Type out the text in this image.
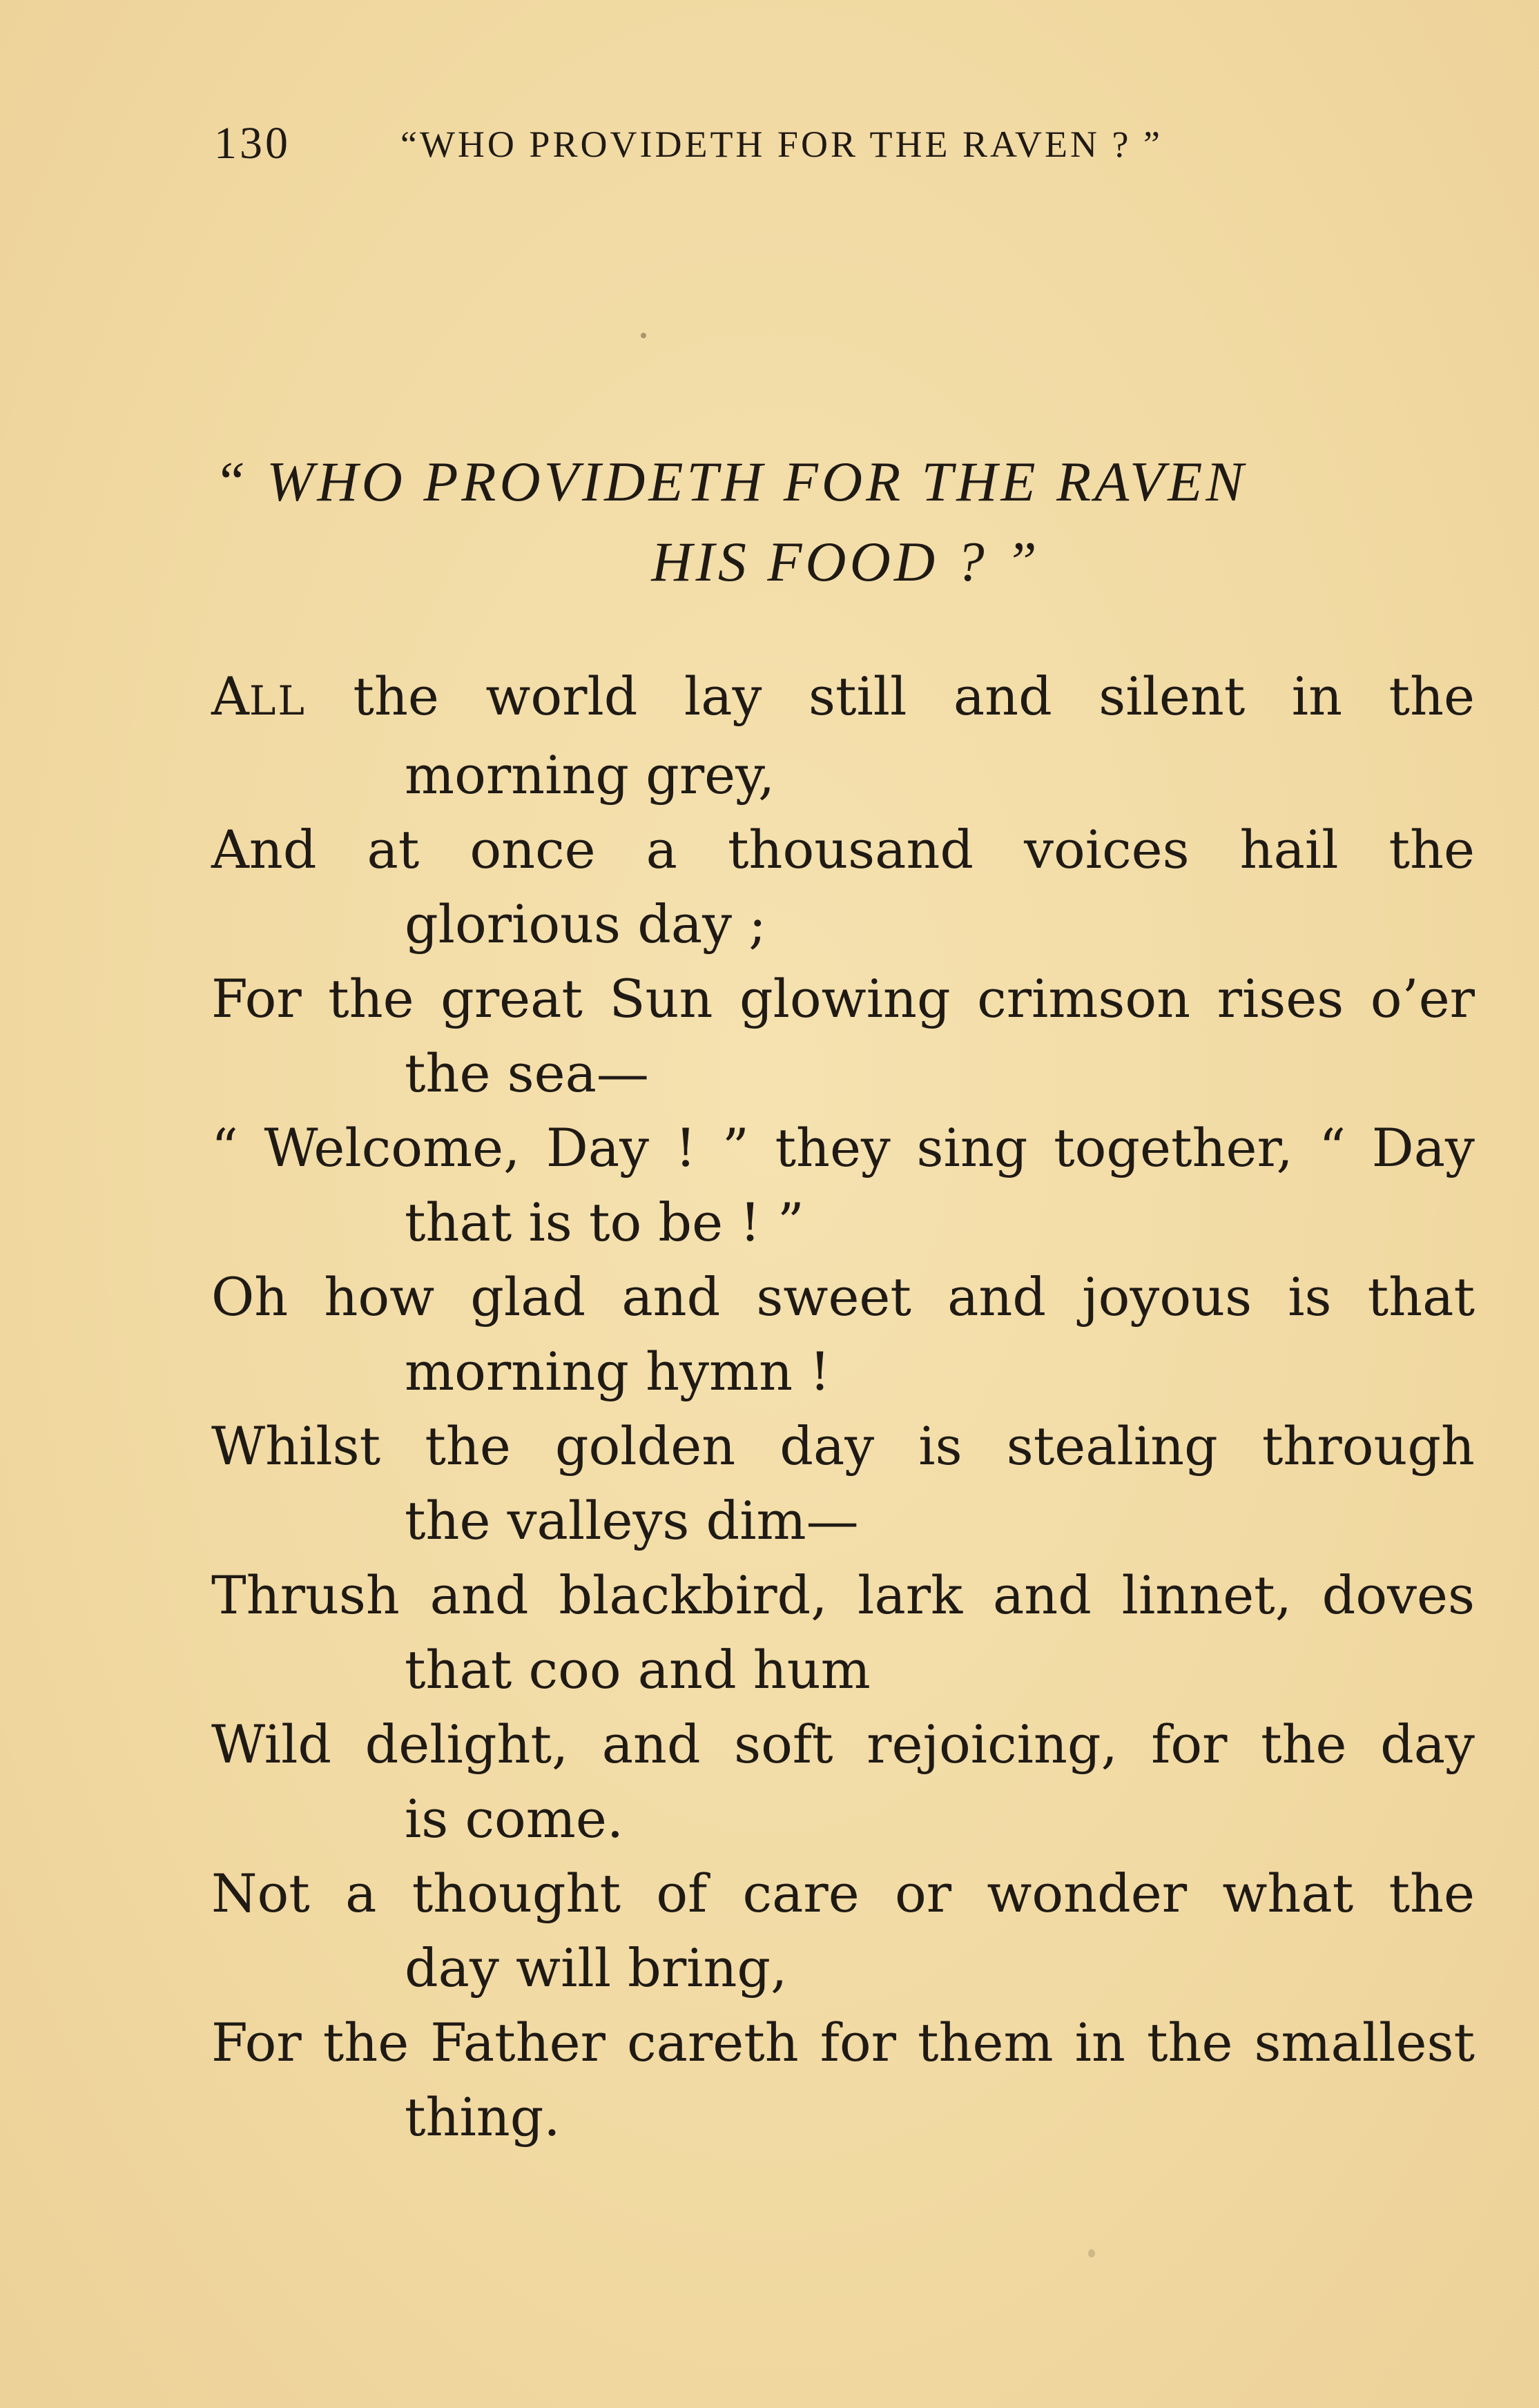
130	“WHO PROVIDETH FOR THE RAVEN ? ”
“ WHO PROVIDETH FOR THE RAVEN
HIS FOOD ? ”
ALL the world lay still and silent in the
morning grey,
And at once a thousand voices hail the
glorious day ;
For the great Sun glowing crimson rises o’er
the sea—
“ Welcome, Day ! ” they sing together, “ Day
that is to be ! ”
Oh how glad and sweet and joyous is that
morning hymn !
Whilst the golden day is stealing through
the valleys dim—
Thrush and blackbird, lark and linnet, doves
that coo and hum
Wild delight, and soft rejoicing, for the day
is come.
Not a thought of care or wonder what the
day will bring,
For the Father careth for them in the smallest
thing.
